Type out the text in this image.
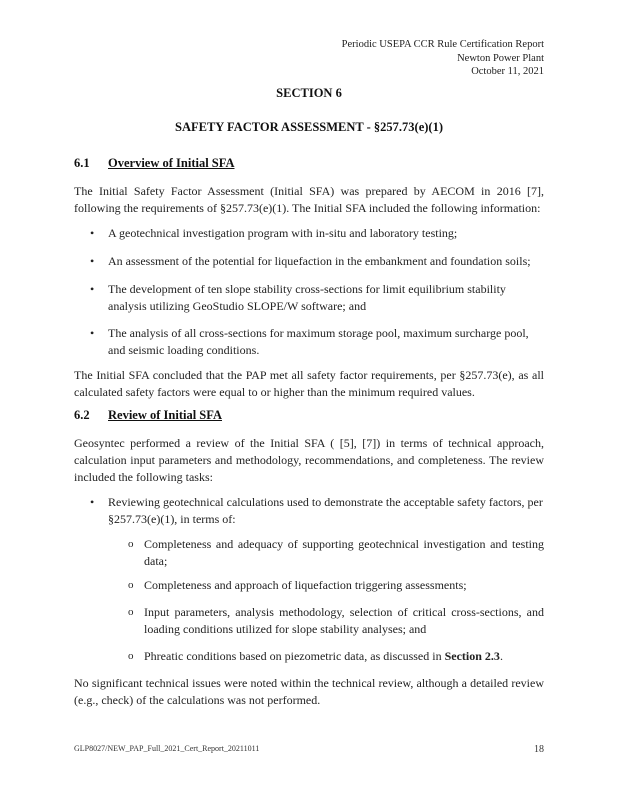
Periodic USEPA CCR Rule Certification Report
Newton Power Plant
October 11, 2021
SECTION 6
SAFETY FACTOR ASSESSMENT - §257.73(e)(1)
6.1 Overview of Initial SFA
The Initial Safety Factor Assessment (Initial SFA) was prepared by AECOM in 2016 [7], following the requirements of §257.73(e)(1). The Initial SFA included the following information:
•	A geotechnical investigation program with in-situ and laboratory testing;
•	An assessment of the potential for liquefaction in the embankment and foundation soils;
•	The development of ten slope stability cross-sections for limit equilibrium stability analysis utilizing GeoStudio SLOPE/W software; and
•	The analysis of all cross-sections for maximum storage pool, maximum surcharge pool, and seismic loading conditions.
The Initial SFA concluded that the PAP met all safety factor requirements, per §257.73(e), as all calculated safety factors were equal to or higher than the minimum required values.
6.2 Review of Initial SFA
Geosyntec performed a review of the Initial SFA ( [5], [7]) in terms of technical approach, calculation input parameters and methodology, recommendations, and completeness. The review included the following tasks:
•	Reviewing geotechnical calculations used to demonstrate the acceptable safety factors, per §257.73(e)(1), in terms of:
o Completeness and adequacy of supporting geotechnical investigation and testing data;
o Completeness and approach of liquefaction triggering assessments;
o Input parameters, analysis methodology, selection of critical cross-sections, and loading conditions utilized for slope stability analyses; and
o Phreatic conditions based on piezometric data, as discussed in Section 2.3.
No significant technical issues were noted within the technical review, although a detailed review (e.g., check) of the calculations was not performed.
GLP8027/NEW_PAP_Full_2021_Cert_Report_20211011	18
